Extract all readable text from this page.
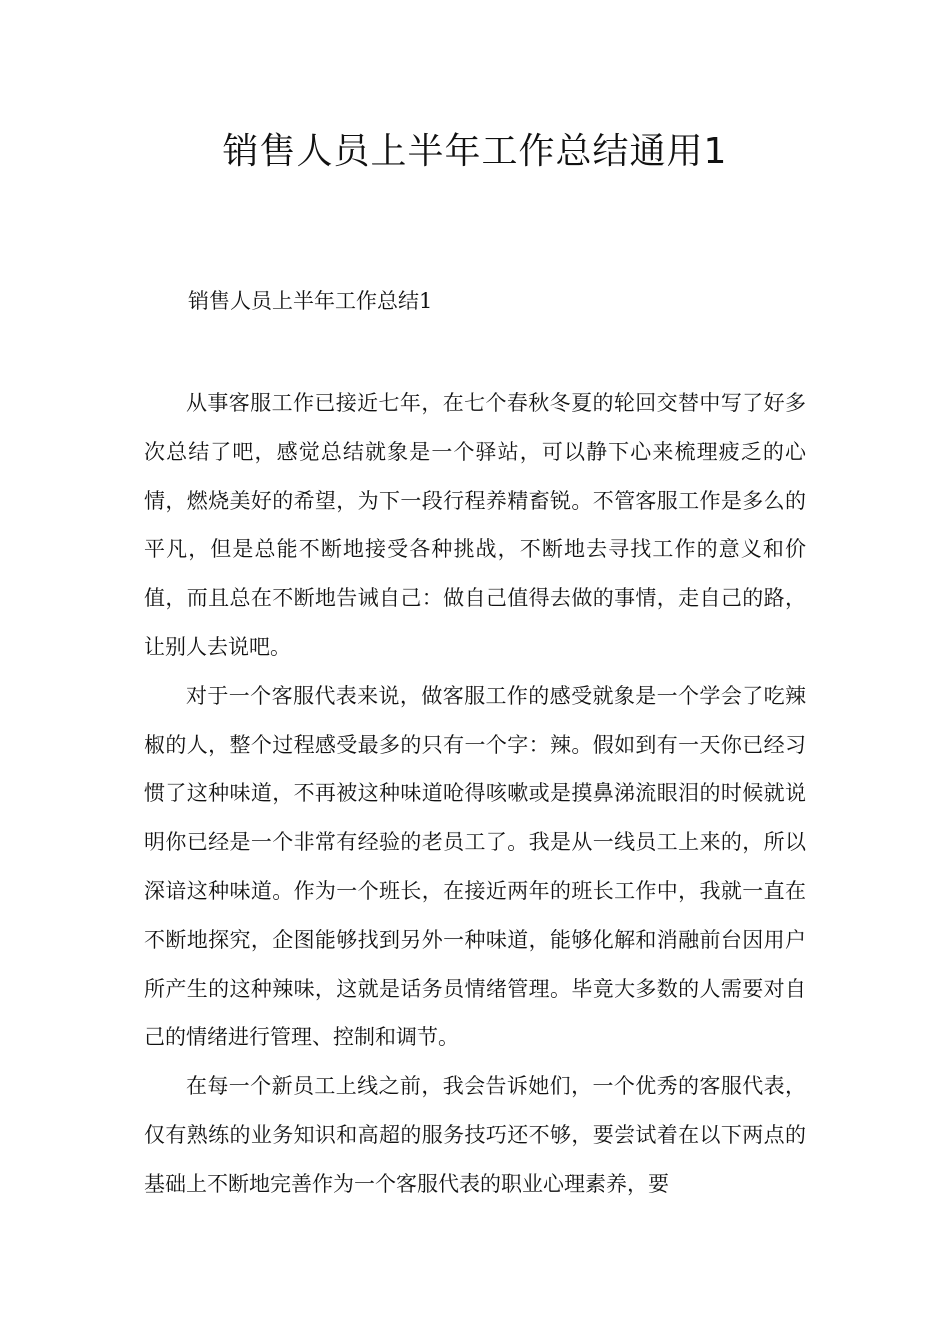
销售人员上半年工作总结通用1

销售人员上半年工作总结1

从事客服工作已接近七年，在七个春秋冬夏的轮回交替中写了好多次总结了吧，感觉总结就象是一个驿站，可以静下心来梳理疲乏的心情，燃烧美好的希望，为下一段行程养精畜锐。不管客服工作是多么的平凡，但是总能不断地接受各种挑战，不断地去寻找工作的意义和价值，而且总在不断地告诫自己：做自己值得去做的事情，走自己的路，让别人去说吧。

对于一个客服代表来说，做客服工作的感受就象是一个学会了吃辣椒的人，整个过程感受最多的只有一个字：辣。假如到有一天你已经习惯了这种味道，不再被这种味道呛得咳嗽或是摸鼻涕流眼泪的时候就说明你已经是一个非常有经验的老员工了。我是从一线员工上来的，所以深谙这种味道。作为一个班长，在接近两年的班长工作中，我就一直在不断地探究，企图能够找到另外一种味道，能够化解和消融前台因用户所产生的这种辣味，这就是话务员情绪管理。毕竟大多数的人需要对自己的情绪进行管理、控制和调节。

在每一个新员工上线之前，我会告诉她们，一个优秀的客服代表，仅有熟练的业务知识和高超的服务技巧还不够，要尝试着在以下两点的基础上不断地完善作为一个客服代表的职业心理素养，要
